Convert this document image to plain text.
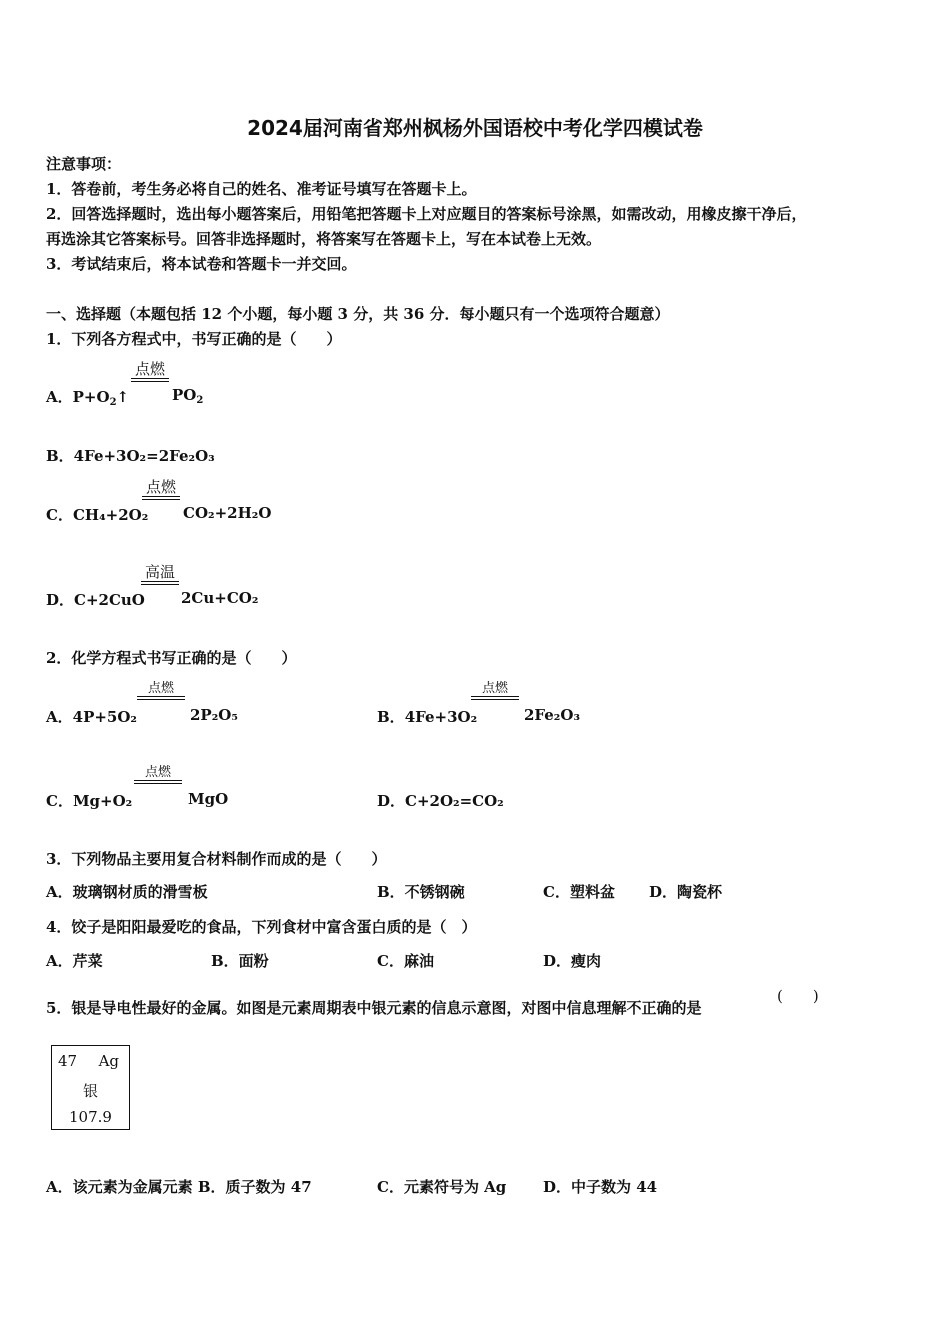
2024届河南省郑州枫杨外国语校中考化学四模试卷
注意事项：
1．答卷前，考生务必将自己的姓名、准考证号填写在答题卡上。
2．回答选择题时，选出每小题答案后，用铅笔把答题卡上对应题目的答案标号涂黑，如需改动，用橡皮擦干净后，
再选涂其它答案标号。回答非选择题时，将答案写在答题卡上，写在本试卷上无效。
3．考试结束后，将本试卷和答题卡一并交回。
一、选择题（本题包括 12 个小题，每小题 3 分，共 36 分．每小题只有一个选项符合题意）
1．下列各方程式中，书写正确的是（　　）
A．$P+O_2↑$
点燃
$PO_2$
B．4Fe+3O₂=2Fe₂O₃
C．CH₄+2O₂
点燃
CO₂+2H₂O
D．C+2CuO
高温
2Cu+CO₂
2．化学方程式书写正确的是（　　）
A．4P+5O₂
点燃
2P₂O₅	B．4Fe+3O₂
点燃
2Fe₂O₃
C．Mg+O₂
点燃
MgO	D．C+2O₂=CO₂
3．下列物品主要用复合材料制作而成的是（　　）
A．玻璃钢材质的滑雪板	B．不锈钢碗	C．塑料盆 D．陶瓷杯
4．饺子是阳阳最爱吃的食品，下列食材中富含蛋白质的是（　）
A．芹菜	B．面粉	C．麻油	D．瘦肉
5．银是导电性最好的金属。如图是元素周期表中银元素的信息示意图，对图中信息理解不正确的是
(　　)
47 Ag
银
107.9
A．该元素为金属元素 B．质子数为 47	C．元素符号为 Ag D．中子数为 44
